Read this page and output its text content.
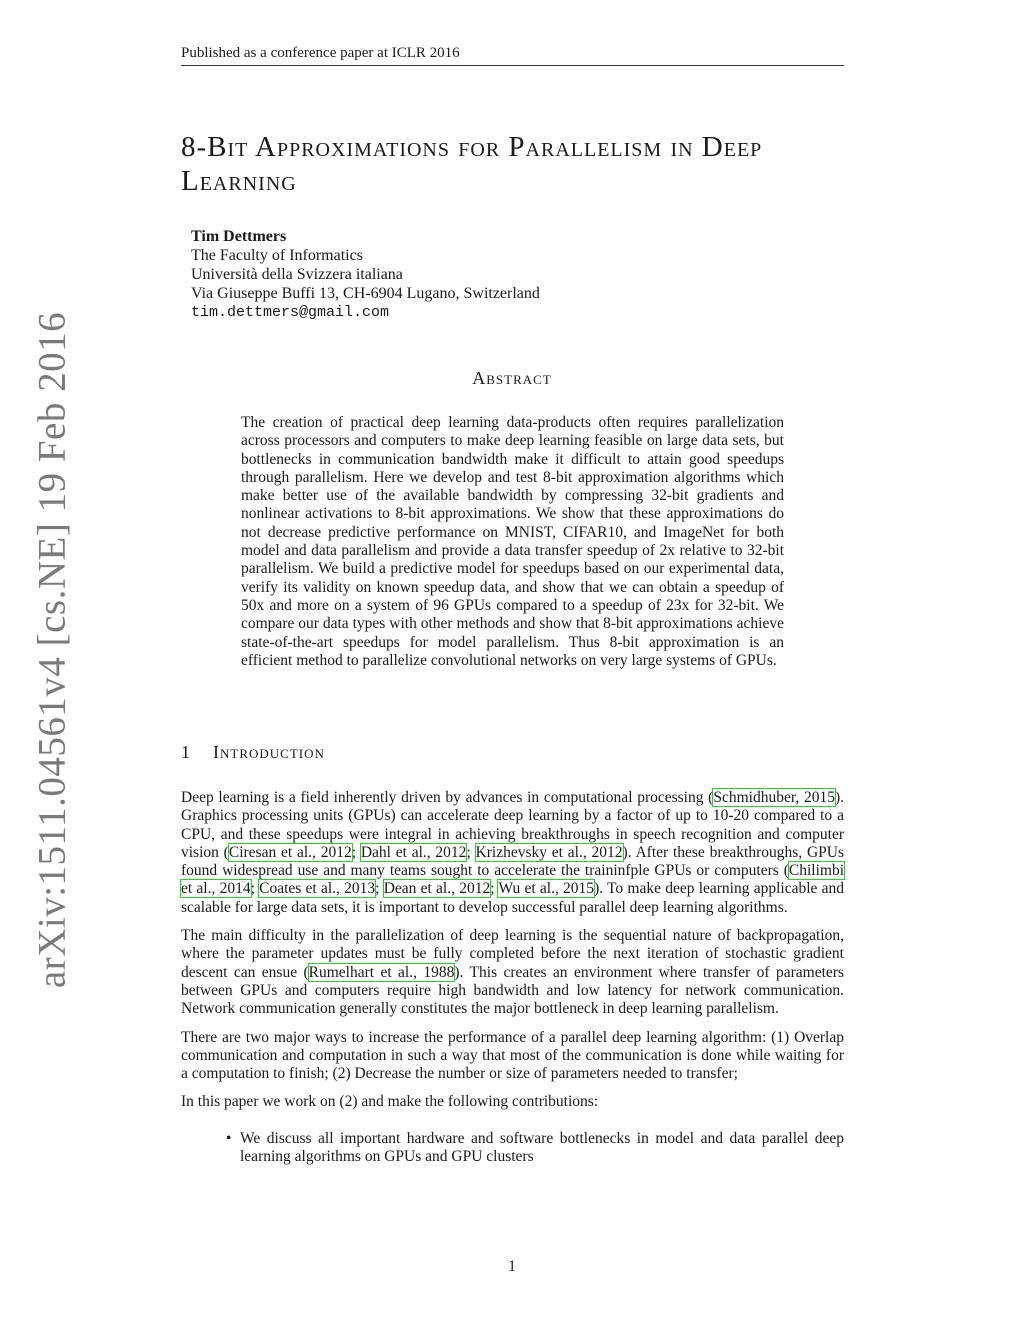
Published as a conference paper at ICLR 2016
arXiv:1511.04561v4 [cs.NE] 19 Feb 2016
8-Bit Approximations for Parallelism in Deep Learning
Tim Dettmers
The Faculty of Informatics
Università della Svizzera italiana
Via Giuseppe Buffi 13, CH-6904 Lugano, Switzerland
tim.dettmers@gmail.com
Abstract
The creation of practical deep learning data-products often requires parallelization across processors and computers to make deep learning feasible on large data sets, but bottlenecks in communication bandwidth make it difficult to attain good speedups through parallelism. Here we develop and test 8-bit approximation algorithms which make better use of the available bandwidth by compressing 32-bit gradients and nonlinear activations to 8-bit approximations. We show that these approximations do not decrease predictive performance on MNIST, CIFAR10, and ImageNet for both model and data parallelism and provide a data transfer speedup of 2x relative to 32-bit parallelism. We build a predictive model for speedups based on our experimental data, verify its validity on known speedup data, and show that we can obtain a speedup of 50x and more on a system of 96 GPUs compared to a speedup of 23x for 32-bit. We compare our data types with other methods and show that 8-bit approximations achieve state-of-the-art speedups for model parallelism. Thus 8-bit approximation is an efficient method to parallelize convolutional networks on very large systems of GPUs.
1 Introduction

Deep learning is a field inherently driven by advances in computational processing (Schmidhuber, 2015). Graphics processing units (GPUs) can accelerate deep learning by a factor of up to 10-20 compared to a CPU, and these speedups were integral in achieving breakthroughs in speech recognition and computer vision (Ciresan et al., 2012; Dahl et al., 2012; Krizhevsky et al., 2012). After these breakthroughs, GPUs found widespread use and many teams sought to accelerate the traininfple GPUs or computers (Chilimbi et al., 2014; Coates et al., 2013; Dean et al., 2012; Wu et al., 2015). To make deep learning applicable and scalable for large data sets, it is important to develop successful parallel deep learning algorithms.

The main difficulty in the parallelization of deep learning is the sequential nature of backpropagation, where the parameter updates must be fully completed before the next iteration of stochastic gradient descent can ensue (Rumelhart et al., 1988). This creates an environment where transfer of parameters between GPUs and computers require high bandwidth and low latency for network communication. Network communication generally constitutes the major bottleneck in deep learning parallelism.

There are two major ways to increase the performance of a parallel deep learning algorithm: (1) Overlap communication and computation in such a way that most of the communication is done while waiting for a computation to finish; (2) Decrease the number or size of parameters needed to transfer;

In this paper we work on (2) and make the following contributions:

• We discuss all important hardware and software bottlenecks in model and data parallel deep learning algorithms on GPUs and GPU clusters
1
